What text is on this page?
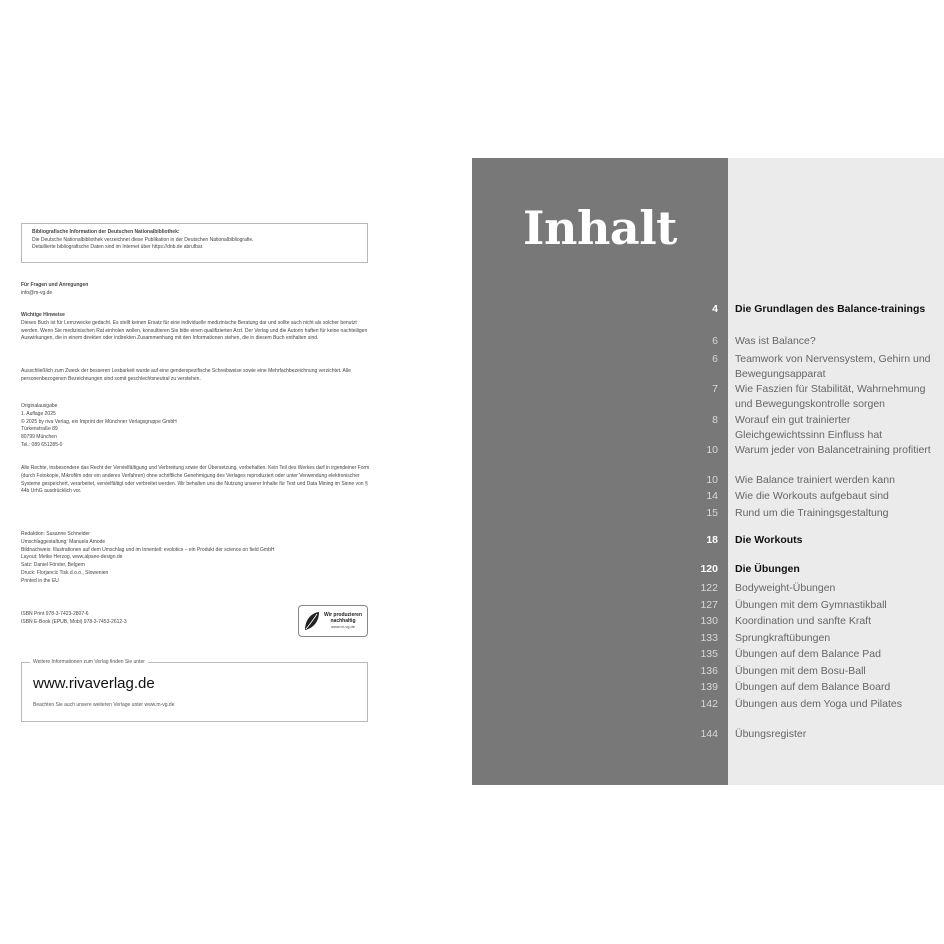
Bibliografische Information der Deutschen Nationalbibliothek:
Die Deutsche Nationalbibliothek verzeichnet diese Publikation in der Deutschen Nationalbibliografie.
Detaillierte bibliografische Daten sind im Internet über https://dnb.de abrufbar.
Für Fragen und Anregungen
info@m-vg.de
Wichtige Hinweise
Dieses Buch ist für Lernzwecke gedacht. Es stellt keinen Ersatz für eine individuelle medizinische Beratung dar und sollte auch nicht als solcher benutzt werden. Wenn Sie medizinischen Rat einholen wollen, konsultieren Sie bitte einen qualifizierten Arzt. Der Verlag und die Autorin haften für keine nachteiligen Auswirkungen, die in einem direkten oder indirekten Zusammenhang mit den Informationen stehen, die in diesem Buch enthalten sind.
Ausschließlich zum Zweck der besseren Lesbarkeit wurde auf eine genderspezifische Schreibweise sowie eine Mehrfachbezeichnung verzichtet. Alle personenbezogenen Bezeichnungen sind somit geschlechtsneutral zu verstehen.
Originalausgabe
1. Auflage 2025
© 2025 by riva Verlag, ein Imprint der Münchner Verlagsgruppe GmbH
Türkenstraße 89
80799 München
Tel.: 089 651285-0
Alle Rechte, insbesondere das Recht der Vervielfältigung und Verbreitung sowie der Übersetzung, vorbehalten. Kein Teil des Werkes darf in irgendeiner Form (durch Fotokopie, Mikrofilm oder ein anderes Verfahren) ohne schriftliche Genehmigung des Verlages reproduziert oder unter Verwendung elektronischer Systeme gespeichert, verarbeitet, vervielfältigt oder verbreitet werden. Wir behalten uns die Nutzung unserer Inhalte für Text und Data Mining im Sinne von § 44b UrhG ausdrücklich vor.
Redaktion: Susanne Schneider
Umschlaggestaltung: Manuela Amode
Bildnachweis: Illustrationen auf dem Umschlag und im Innenteil: evolotics – ein Produkt der science on field GmbH
Layout: Meike Herzog, www.alpsee-design.de
Satz: Daniel Förster, Belgern
Druck: Florjancic Tisk d.o.o., Slowenien
Printed in the EU
ISBN Print 978-3-7423-2807-6
ISBN E-Book (EPUB, Mobi) 978-3-7453-2612-3
Wir produzieren
nachhaltig
www.m-vg.de
Weitere Informationen zum Verlag finden Sie unter
www.rivaverlag.de
Beachten Sie auch unsere weiteren Verlage unter www.m-vg.de
Inhalt
4 Die Grundlagen des Balance-trainings
6 Was ist Balance?
6 Teamwork von Nervensystem, Gehirn und Bewegungsapparat
7 Wie Faszien für Stabilität, Wahrnehmung und Bewegungskontrolle sorgen
8 Worauf ein gut trainierter Gleichgewichtssinn Einfluss hat
10 Warum jeder von Balancetraining profitiert
10 Wie Balance trainiert werden kann
14 Wie die Workouts aufgebaut sind
15 Rund um die Trainingsgestaltung
18 Die Workouts
120 Die Übungen
122 Bodyweight-Übungen
127 Übungen mit dem Gymnastikball
130 Koordination und sanfte Kraft
133 Sprungkraftübungen
135 Übungen auf dem Balance Pad
136 Übungen mit dem Bosu-Ball
139 Übungen auf dem Balance Board
142 Übungen aus dem Yoga und Pilates
144 Übungsregister
